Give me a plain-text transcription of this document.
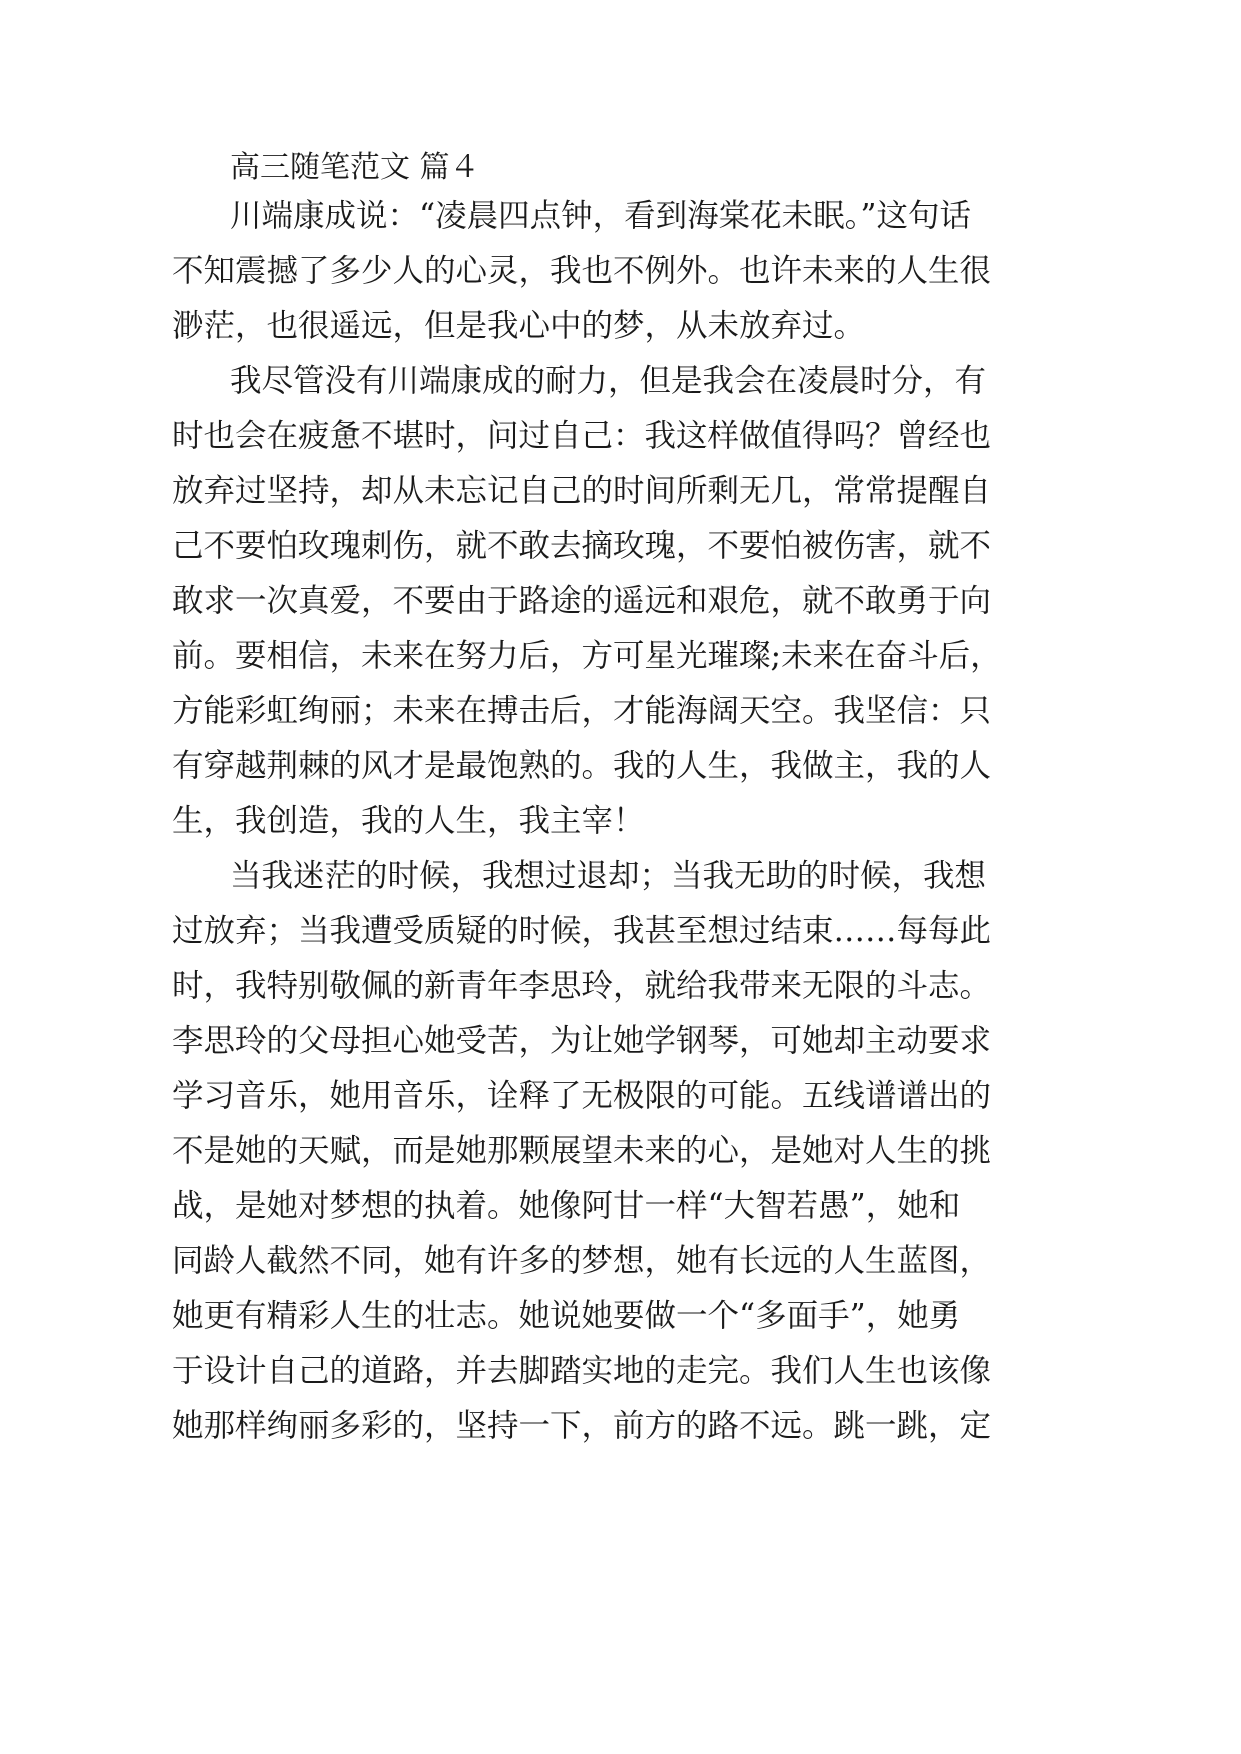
高三随笔范文 篇４
川端康成说：“凌晨四点钟，看到海棠花未眠。”这句话
不知震撼了多少人的心灵，我也不例外。也许未来的人生很
渺茫，也很遥远，但是我心中的梦，从未放弃过。
我尽管没有川端康成的耐力，但是我会在凌晨时分，有
时也会在疲惫不堪时，问过自己：我这样做值得吗？曾经也
放弃过坚持，却从未忘记自己的时间所剩无几，常常提醒自
己不要怕玫瑰刺伤，就不敢去摘玫瑰，不要怕被伤害，就不
敢求一次真爱，不要由于路途的遥远和艰危，就不敢勇于向
前。要相信，未来在努力后，方可星光璀璨;未来在奋斗后，
方能彩虹绚丽；未来在搏击后，才能海阔天空。我坚信：只
有穿越荆棘的风才是最饱熟的。我的人生，我做主，我的人
生，我创造，我的人生，我主宰！
当我迷茫的时候，我想过退却；当我无助的时候，我想
过放弃；当我遭受质疑的时候，我甚至想过结束……每每此
时，我特别敬佩的新青年李思玲，就给我带来无限的斗志。
李思玲的父母担心她受苦，为让她学钢琴，可她却主动要求
学习音乐，她用音乐，诠释了无极限的可能。五线谱谱出的
不是她的天赋，而是她那颗展望未来的心，是她对人生的挑
战，是她对梦想的执着。她像阿甘一样“大智若愚”，她和
同龄人截然不同，她有许多的梦想，她有长远的人生蓝图，
她更有精彩人生的壮志。她说她要做一个“多面手”，她勇
于设计自己的道路，并去脚踏实地的走完。我们人生也该像
她那样绚丽多彩的，坚持一下，前方的路不远。跳一跳，定
